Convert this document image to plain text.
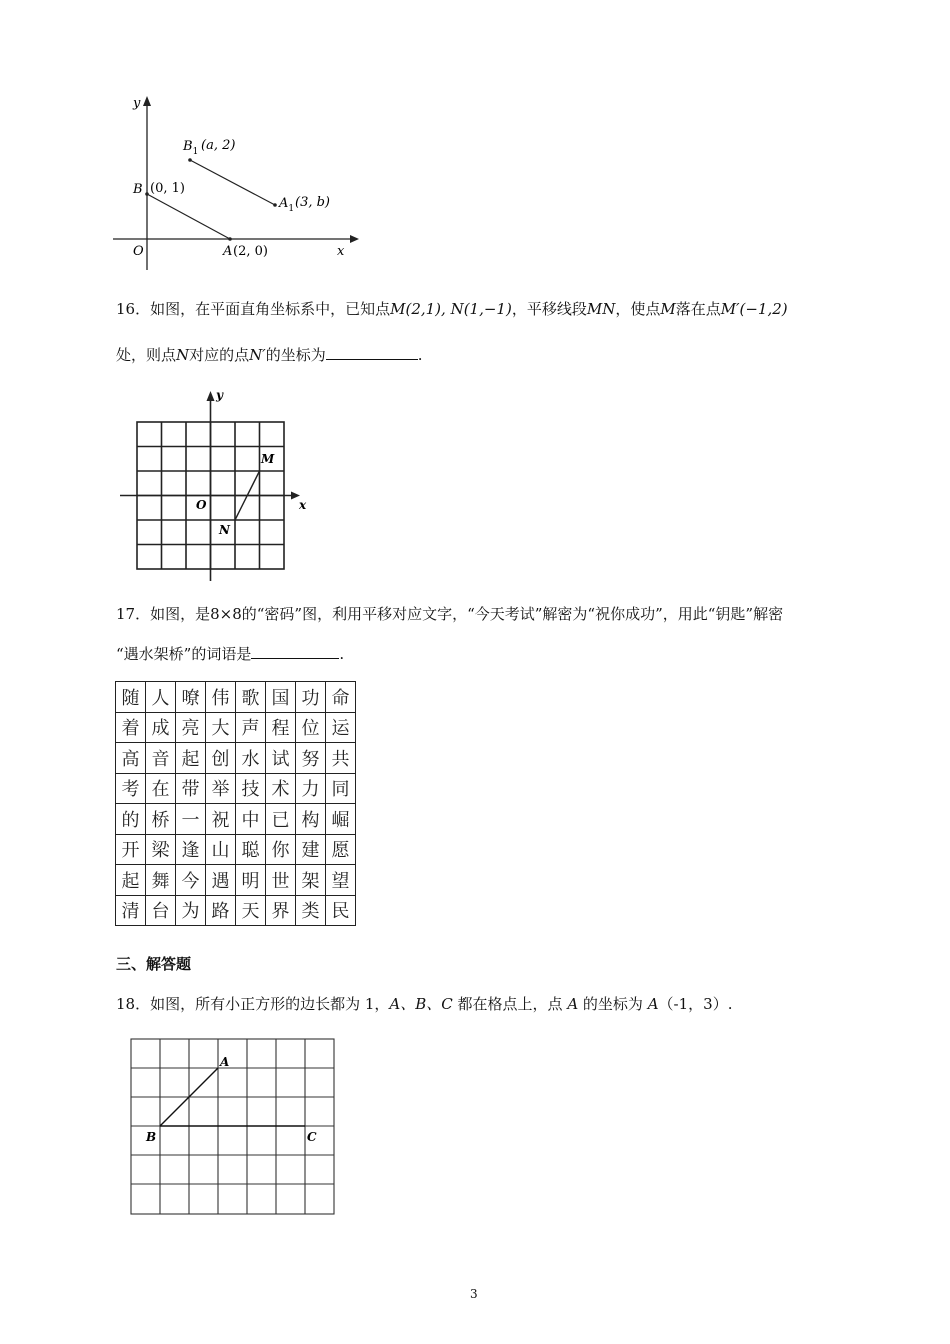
y
x
O
B (0, 1)
A (2, 0)
$B_1$ (a, 2)
$A_1$ (3, b)
16．如图，在平面直角坐标系中，已知点M(2,1), N(1,−1)，平移线段MN，使点M落在点M′(−1,2)
处，则点N对应的点N′的坐标为	.
y
x
O
M
N
17．如图，是8×8的“密码”图，利用平移对应文字，“今天考试”解密为“祝你成功”，用此“钥匙”解密
“遇水架桥”的词语是	.
随	人	嘹	伟	歌	国	功	命
着	成	亮	大	声	程	位	运
高	音	起	创	水	试	努	共
考	在	带	举	技	术	力	同
的	桥	一	祝	中	已	构	崛
开	梁	逢	山	聪	你	建	愿
起	舞	今	遇	明	世	架	望
清	台	为	路	天	界	类	民
三、解答题
18．如图，所有小正方形的边长都为 1，A、B、C 都在格点上，点 A 的坐标为 A（-1，3）.
A
B	C
3
